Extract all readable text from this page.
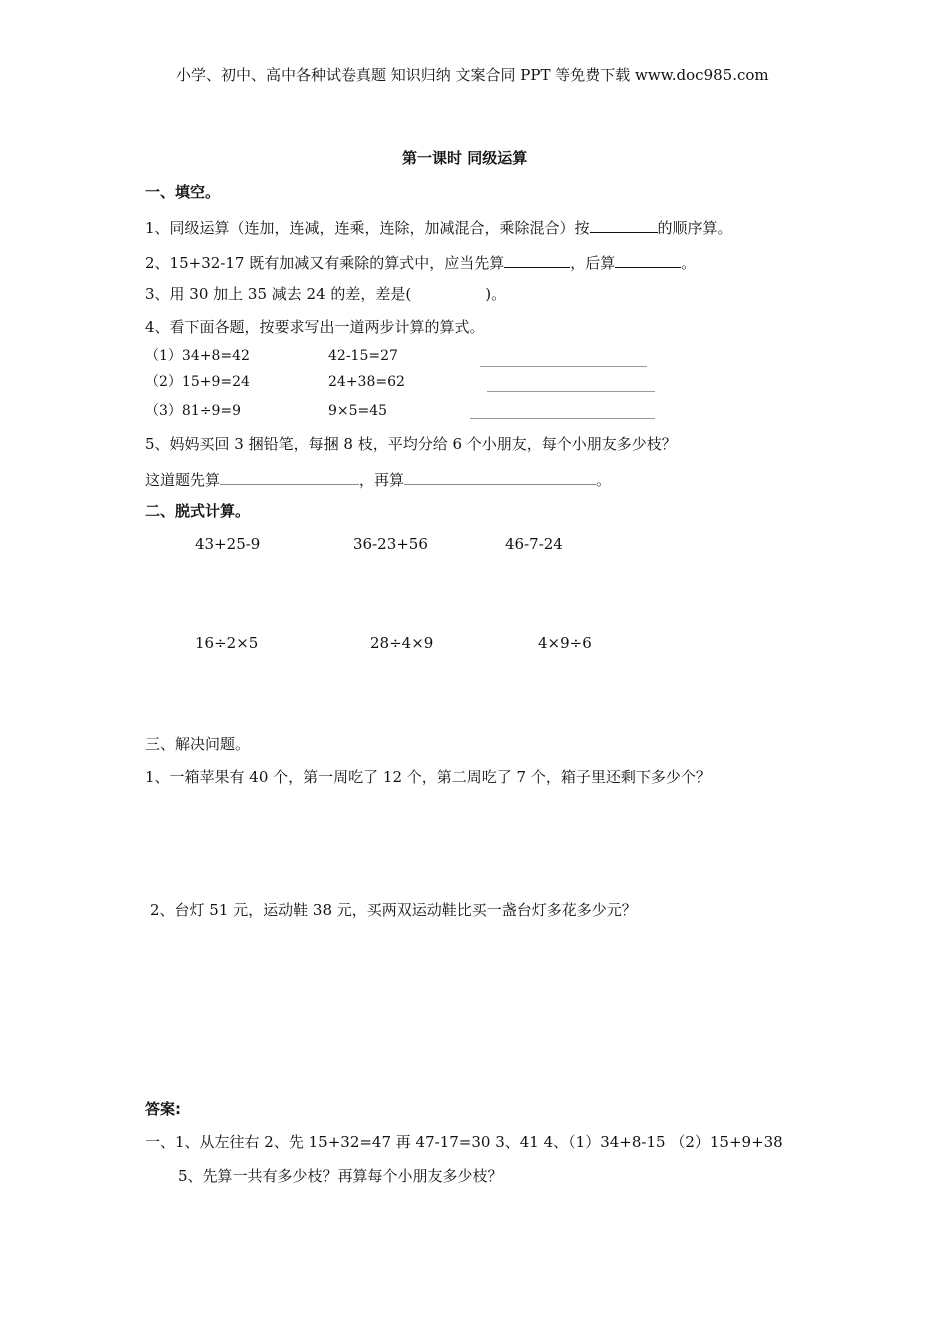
小学、初中、高中各种试卷真题 知识归纳 文案合同 PPT 等免费下载 www.doc985.com
第一课时 同级运算
一、填空。
1、同级运算（连加，连减，连乘，连除，加减混合，乘除混合）按	的顺序算。
2、15+32-17 既有加减又有乘除的算式中，应当先算	，后算	。
3、用 30 加上 35 减去 24 的差，差是(	)。
4、看下面各题，按要求写出一道两步计算的算式。
（1）34+8=42	42-15=27
（2）15+9=24	24+38=62
（3）81÷9=9	9×5=45
5、妈妈买回 3 捆铅笔，每捆 8 枝，平均分给 6 个小朋友，每个小朋友多少枝？
这道题先算	，再算	。
二、脱式计算。
43+25-9	36-23+56	46-7-24
16÷2×5	28÷4×9	4×9÷6
三、解决问题。
1、一箱苹果有 40 个，第一周吃了 12 个，第二周吃了 7 个，箱子里还剩下多少个？
2、台灯 51 元，运动鞋 38 元，买两双运动鞋比买一盏台灯多花多少元？
答案:
一、1、从左往右 2、先 15+32=47 再 47-17=30 3、41 4、（1）34+8-15 （2）15+9+38
5、先算一共有多少枝？再算每个小朋友多少枝？
